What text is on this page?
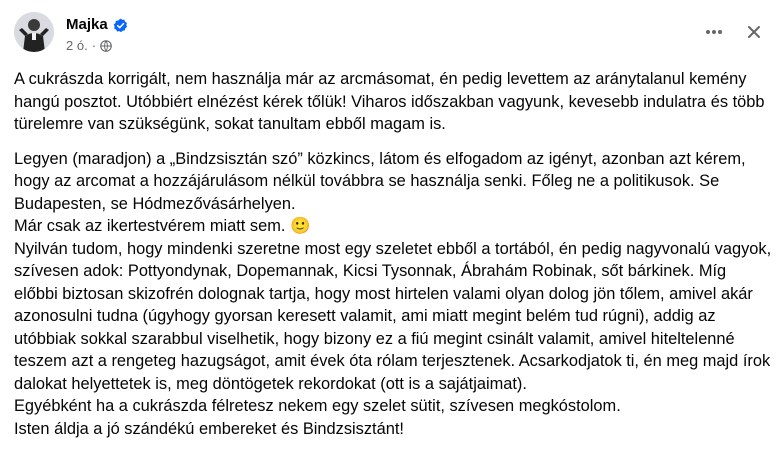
Majka
2 ó. ·

A cukrászda korrigált, nem használja már az arcmásomat, én pedig levettem az aránytalanul kemény hangú posztot. Utóbbiért elnézést kérek tőlük! Viharos időszakban vagyunk, kevesebb indulatra és több türelemre van szükségünk, sokat tanultam ebből magam is.

Legyen (maradjon) a „Bindzsisztán szó” közkincs, látom és elfogadom az igényt, azonban azt kérem, hogy az arcomat a hozzájárulásom nélkül továbbra se használja senki. Főleg ne a politikusok. Se Budapesten, se Hódmezővásárhelyen.
Már csak az ikertestvérem miatt sem. 🙂
Nyilván tudom, hogy mindenki szeretne most egy szeletet ebből a tortából, én pedig nagyvonalú vagyok, szívesen adok: Pottyondynak, Dopemannak, Kicsi Tysonnak, Ábrahám Robinak, sőt bárkinek. Míg előbbi biztosan skizofrén dolognak tartja, hogy most hirtelen valami olyan dolog jön tőlem, amivel akár azonosulni tudna (úgyhogy gyorsan keresett valamit, ami miatt megint belém tud rúgni), addig az utóbbiak sokkal szarabbul viselhetik, hogy bizony ez a fiú megint csinált valamit, amivel hiteltelenné teszem azt a rengeteg hazugságot, amit évek óta rólam terjesztenek. Acsarkodjatok ti, én meg majd írok dalokat helyettetek is, meg döntögetek rekordokat (ott is a sajátjaimat).
Egyébként ha a cukrászda félretesz nekem egy szelet sütit, szívesen megkóstolom.
Isten áldja a jó szándékú embereket és Bindzsisztánt!
